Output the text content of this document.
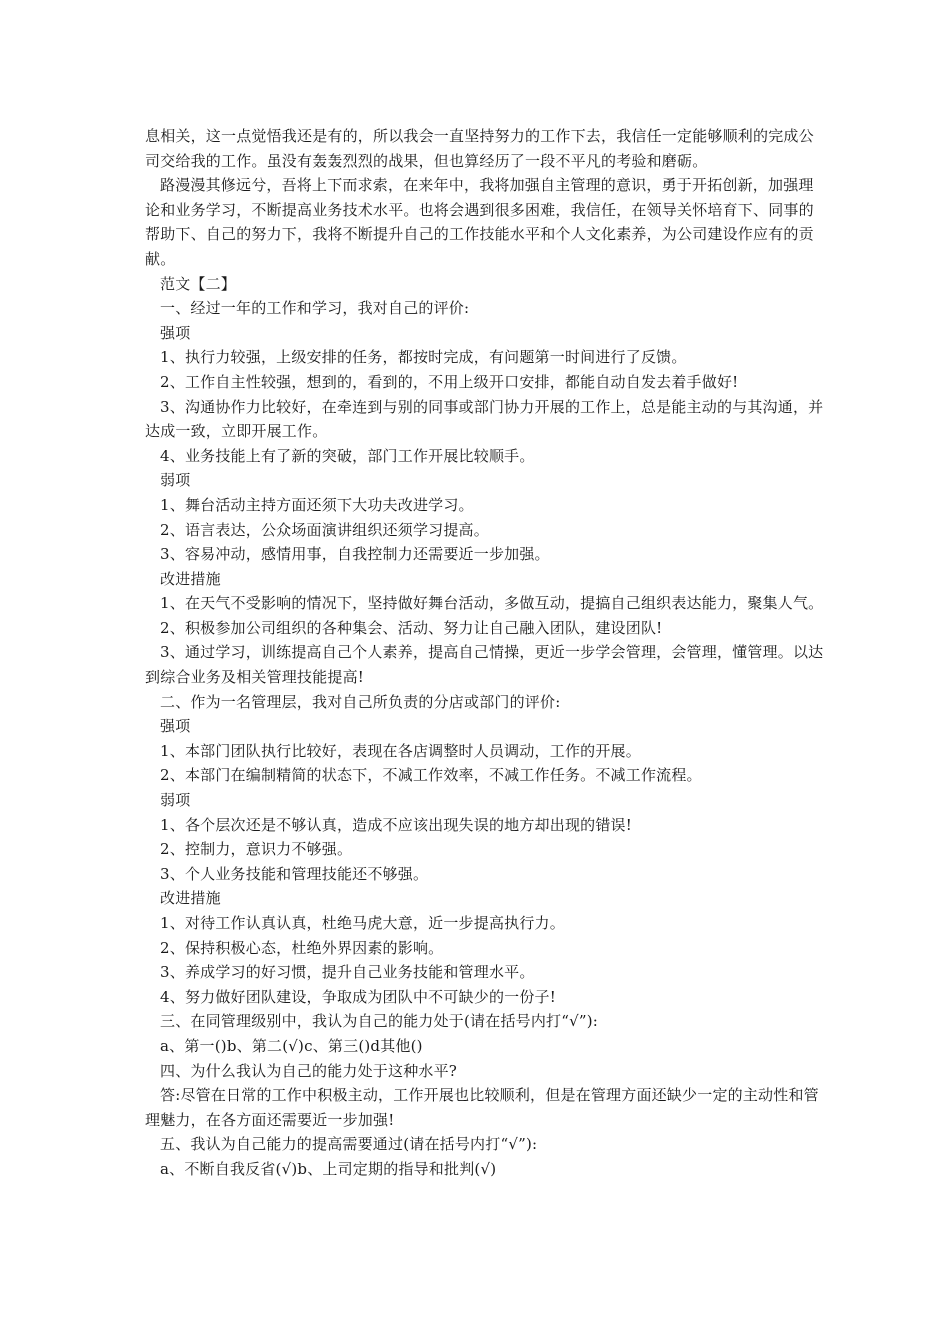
息相关，这一点觉悟我还是有的，所以我会一直坚持努力的工作下去，我信任一定能够顺利的完成公司交给我的工作。虽没有轰轰烈烈的战果，但也算经历了一段不平凡的考验和磨砺。

路漫漫其修远兮，吾将上下而求索，在来年中，我将加强自主管理的意识，勇于开拓创新，加强理论和业务学习，不断提高业务技术水平。也将会遇到很多困难，我信任，在领导关怀培育下、同事的帮助下、自己的努力下，我将不断提升自己的工作技能水平和个人文化素养，为公司建设作应有的贡献。

范文【二】

一、经过一年的工作和学习，我对自己的评价:

强项

1、执行力较强，上级安排的任务，都按时完成，有问题第一时间进行了反馈。

2、工作自主性较强，想到的，看到的，不用上级开口安排，都能自动自发去着手做好!

3、沟通协作力比较好，在牵连到与别的同事或部门协力开展的工作上，总是能主动的与其沟通，并达成一致，立即开展工作。

4、业务技能上有了新的突破，部门工作开展比较顺手。

弱项

1、舞台活动主持方面还须下大功夫改进学习。

2、语言表达，公众场面演讲组织还须学习提高。

3、容易冲动，感情用事，自我控制力还需要近一步加强。

改进措施

1、在天气不受影响的情况下，坚持做好舞台活动，多做互动，提搞自己组织表达能力，聚集人气。

2、积极参加公司组织的各种集会、活动、努力让自己融入团队，建设团队!

3、通过学习，训练提高自己个人素养，提高自己情操，更近一步学会管理，会管理，懂管理。以达到综合业务及相关管理技能提高!

二、作为一名管理层，我对自己所负责的分店或部门的评价:

强项

1、本部门团队执行比较好，表现在各店调整时人员调动，工作的开展。

2、本部门在编制精简的状态下，不减工作效率，不减工作任务。不减工作流程。

弱项

1、各个层次还是不够认真，造成不应该出现失误的地方却出现的错误!

2、控制力，意识力不够强。

3、个人业务技能和管理技能还不够强。

改进措施

1、对待工作认真认真，杜绝马虎大意，近一步提高执行力。

2、保持积极心态，杜绝外界因素的影响。

3、养成学习的好习惯，提升自己业务技能和管理水平。

4、努力做好团队建设，争取成为团队中不可缺少的一份子!

三、在同管理级别中，我认为自己的能力处于(请在括号内打“√”):

a、第一()b、第二(√)c、第三()d其他()

四、为什么我认为自己的能力处于这种水平?

答:尽管在日常的工作中积极主动，工作开展也比较顺利，但是在管理方面还缺少一定的主动性和管理魅力，在各方面还需要近一步加强!

五、我认为自己能力的提高需要通过(请在括号内打“√”):

a、不断自我反省(√)b、上司定期的指导和批判(√)
